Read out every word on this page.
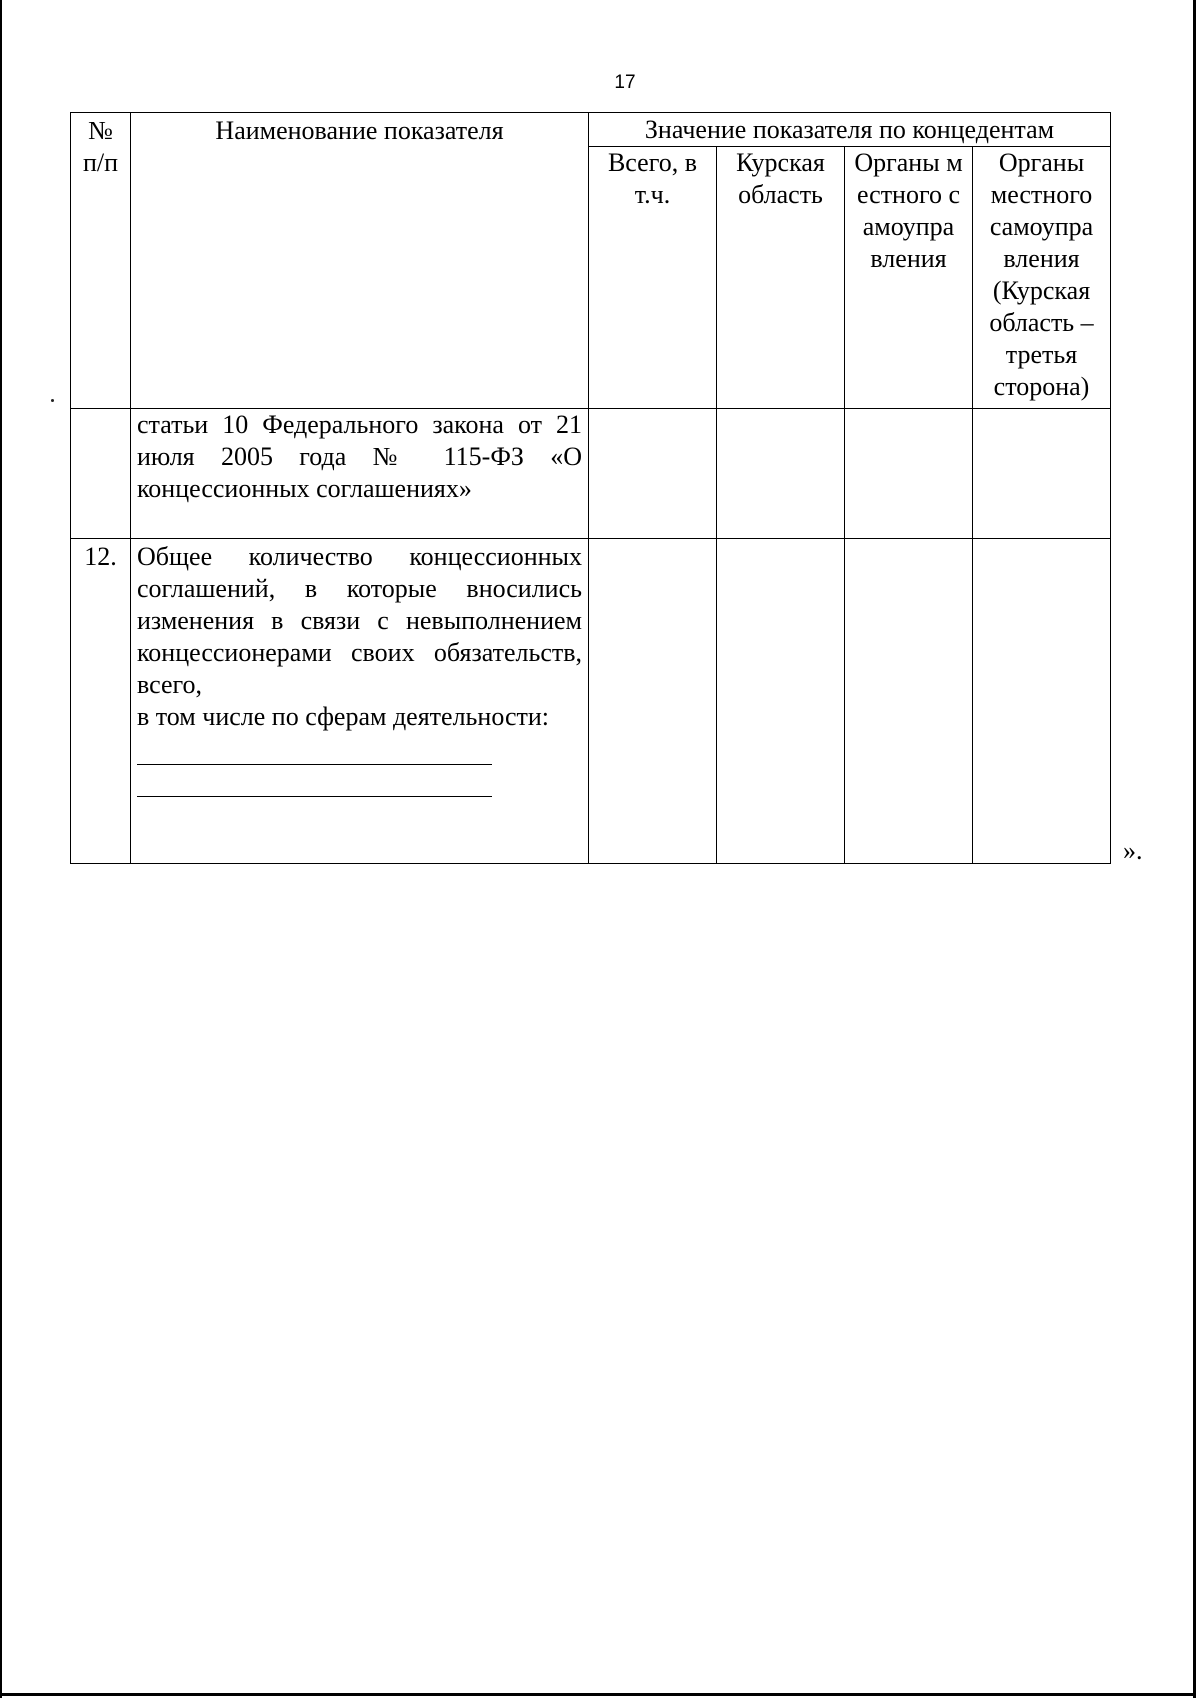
17
№ п/п	Наименование показателя	Значение показателя по концедентам			

		Всего, в т.ч.	Курская область	Органы местного самоупра вления	Органы местного самоупра вления (Курская область – третья сторона)

	статьи 10 Федерального закона от 21 июля 2005 года № 115-ФЗ «О концессионных соглашениях»				

12.	Общее количество концессионных соглашений, в которые вносились изменения в связи с невыполнением концессионерами своих обязательств, всего,
в том числе по сферам деятельности:				

».
